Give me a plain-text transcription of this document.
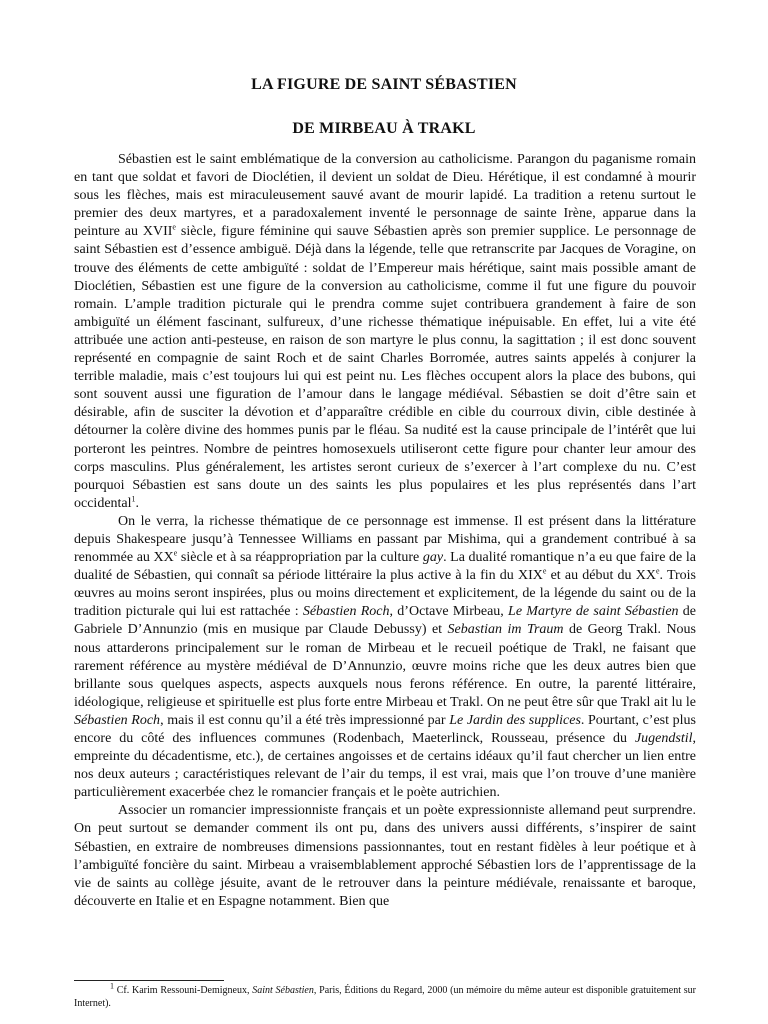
LA FIGURE DE SAINT SÉBASTIEN
DE MIRBEAU À TRAKL

Sébastien est le saint emblématique de la conversion au catholicisme. Parangon du paganisme romain en tant que soldat et favori de Dioclétien, il devient un soldat de Dieu. Hérétique, il est condamné à mourir sous les flèches, mais est miraculeusement sauvé avant de mourir lapidé. La tradition a retenu surtout le premier des deux martyres, et a paradoxalement inventé le personnage de sainte Irène, apparue dans la peinture au XVIIe siècle, figure féminine qui sauve Sébastien après son premier supplice. Le personnage de saint Sébastien est d’essence ambiguë. Déjà dans la légende, telle que retranscrite par Jacques de Voragine, on trouve des éléments de cette ambiguïté : soldat de l’Empereur mais hérétique, saint mais possible amant de Dioclétien, Sébastien est une figure de la conversion au catholicisme, comme il fut une figure du pouvoir romain. L’ample tradition picturale qui le prendra comme sujet contribuera grandement à faire de son ambiguïté un élément fascinant, sulfureux, d’une richesse thématique inépuisable. En effet, lui a vite été attribuée une action anti-pesteuse, en raison de son martyre le plus connu, la sagittation ; il est donc souvent représenté en compagnie de saint Roch et de saint Charles Borromée, autres saints appelés à conjurer la terrible maladie, mais c’est toujours lui qui est peint nu. Les flèches occupent alors la place des bubons, qui sont souvent aussi une figuration de l’amour dans le langage médiéval. Sébastien se doit d’être sain et désirable, afin de susciter la dévotion et d’apparaître crédible en cible du courroux divin, cible destinée à détourner la colère divine des hommes punis par le fléau. Sa nudité est la cause principale de l’intérêt que lui porteront les peintres. Nombre de peintres homosexuels utiliseront cette figure pour chanter leur amour des corps masculins. Plus généralement, les artistes seront curieux de s’exercer à l’art complexe du nu. C’est pourquoi Sébastien est sans doute un des saints les plus populaires et les plus représentés dans l’art occidental$^1$.

On le verra, la richesse thématique de ce personnage est immense. Il est présent dans la littérature depuis Shakespeare jusqu’à Tennessee Williams en passant par Mishima, qui a grandement contribué à sa renommée au XXe siècle et à sa réappropriation par la culture gay. La dualité romantique n’a eu que faire de la dualité de Sébastien, qui connaît sa période littéraire la plus active à la fin du XIXe et au début du XXe. Trois œuvres au moins seront inspirées, plus ou moins directement et explicitement, de la légende du saint ou de la tradition picturale qui lui est rattachée : Sébastien Roch, d’Octave Mirbeau, Le Martyre de saint Sébastien de Gabriele D’Annunzio (mis en musique par Claude Debussy) et Sebastian im Traum de Georg Trakl. Nous nous attarderons principalement sur le roman de Mirbeau et le recueil poétique de Trakl, ne faisant que rarement référence au mystère médiéval de D’Annunzio, œuvre moins riche que les deux autres bien que brillante sous quelques aspects, aspects auxquels nous ferons référence. En outre, la parenté littéraire, idéologique, religieuse et spirituelle est plus forte entre Mirbeau et Trakl. On ne peut être sûr que Trakl ait lu le Sébastien Roch, mais il est connu qu’il a été très impressionné par Le Jardin des supplices. Pourtant, c’est plus encore du côté des influences communes (Rodenbach, Maeterlinck, Rousseau, présence du Jugendstil, empreinte du décadentisme, etc.), de certaines angoisses et de certains idéaux qu’il faut chercher un lien entre nos deux auteurs ; caractéristiques relevant de l’air du temps, il est vrai, mais que l’on trouve d’une manière particulièrement exacerbée chez le romancier français et le poète autrichien.

Associer un romancier impressionniste français et un poète expressionniste allemand peut surprendre. On peut surtout se demander comment ils ont pu, dans des univers aussi différents, s’inspirer de saint Sébastien, en extraire de nombreuses dimensions passionnantes, tout en restant fidèles à leur poétique et à l’ambiguïté foncière du saint. Mirbeau a vraisemblablement approché Sébastien lors de l’apprentissage de la vie de saints au collège jésuite, avant de le retrouver dans la peinture médiévale, renaissante et baroque, découverte en Italie et en Espagne notamment. Bien que

$^1$ Cf. Karim Ressouni-Demigneux, Saint Sébastien, Paris, Éditions du Regard, 2000 (un mémoire du même auteur est disponible gratuitement sur Internet).
